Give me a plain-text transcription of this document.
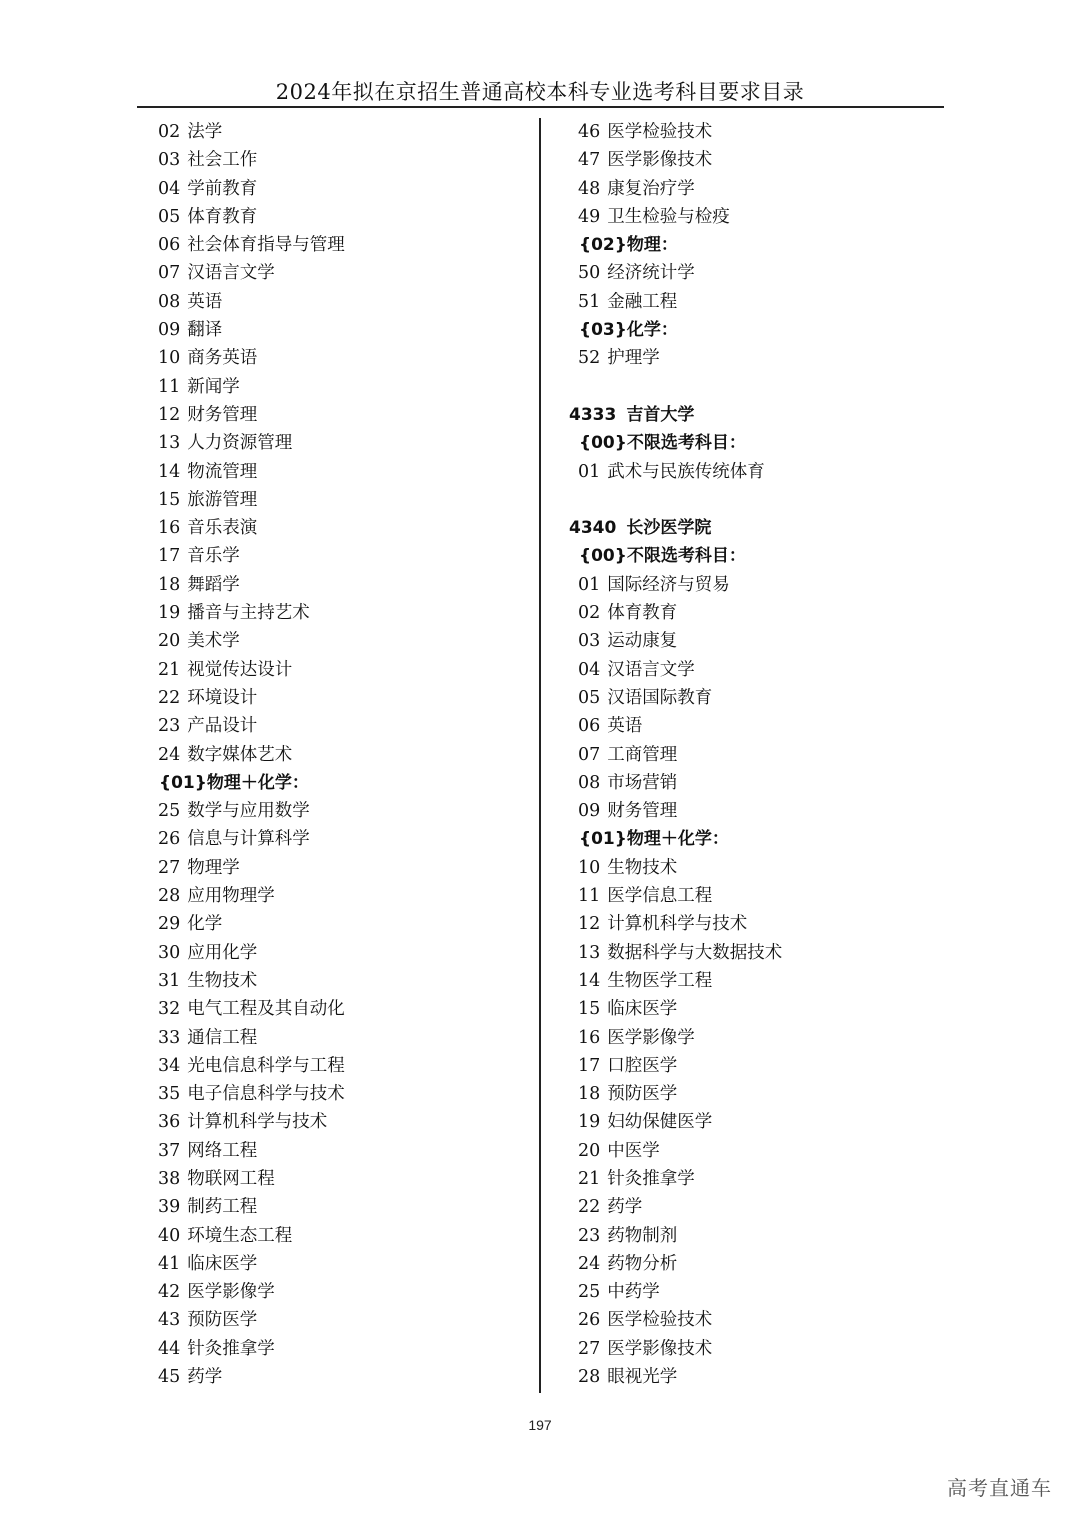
2024年拟在京招生普通高校本科专业选考科目要求目录
02 法学
03 社会工作
04 学前教育
05 体育教育
06 社会体育指导与管理
07 汉语言文学
08 英语
09 翻译
10 商务英语
11 新闻学
12 财务管理
13 人力资源管理
14 物流管理
15 旅游管理
16 音乐表演
17 音乐学
18 舞蹈学
19 播音与主持艺术
20 美术学
21 视觉传达设计
22 环境设计
23 产品设计
24 数字媒体艺术
{01}物理＋化学：
25 数学与应用数学
26 信息与计算科学
27 物理学
28 应用物理学
29 化学
30 应用化学
31 生物技术
32 电气工程及其自动化
33 通信工程
34 光电信息科学与工程
35 电子信息科学与技术
36 计算机科学与技术
37 网络工程
38 物联网工程
39 制药工程
40 环境生态工程
41 临床医学
42 医学影像学
43 预防医学
44 针灸推拿学
45 药学
46 医学检验技术
47 医学影像技术
48 康复治疗学
49 卫生检验与检疫
{02}物理：
50 经济统计学
51 金融工程
{03}化学：
52 护理学
4333 吉首大学
{00}不限选考科目：
01 武术与民族传统体育
4340 长沙医学院
{00}不限选考科目：
01 国际经济与贸易
02 体育教育
03 运动康复
04 汉语言文学
05 汉语国际教育
06 英语
07 工商管理
08 市场营销
09 财务管理
{01}物理＋化学：
10 生物技术
11 医学信息工程
12 计算机科学与技术
13 数据科学与大数据技术
14 生物医学工程
15 临床医学
16 医学影像学
17 口腔医学
18 预防医学
19 妇幼保健医学
20 中医学
21 针灸推拿学
22 药学
23 药物制剂
24 药物分析
25 中药学
26 医学检验技术
27 医学影像技术
28 眼视光学
197
高考直通车
